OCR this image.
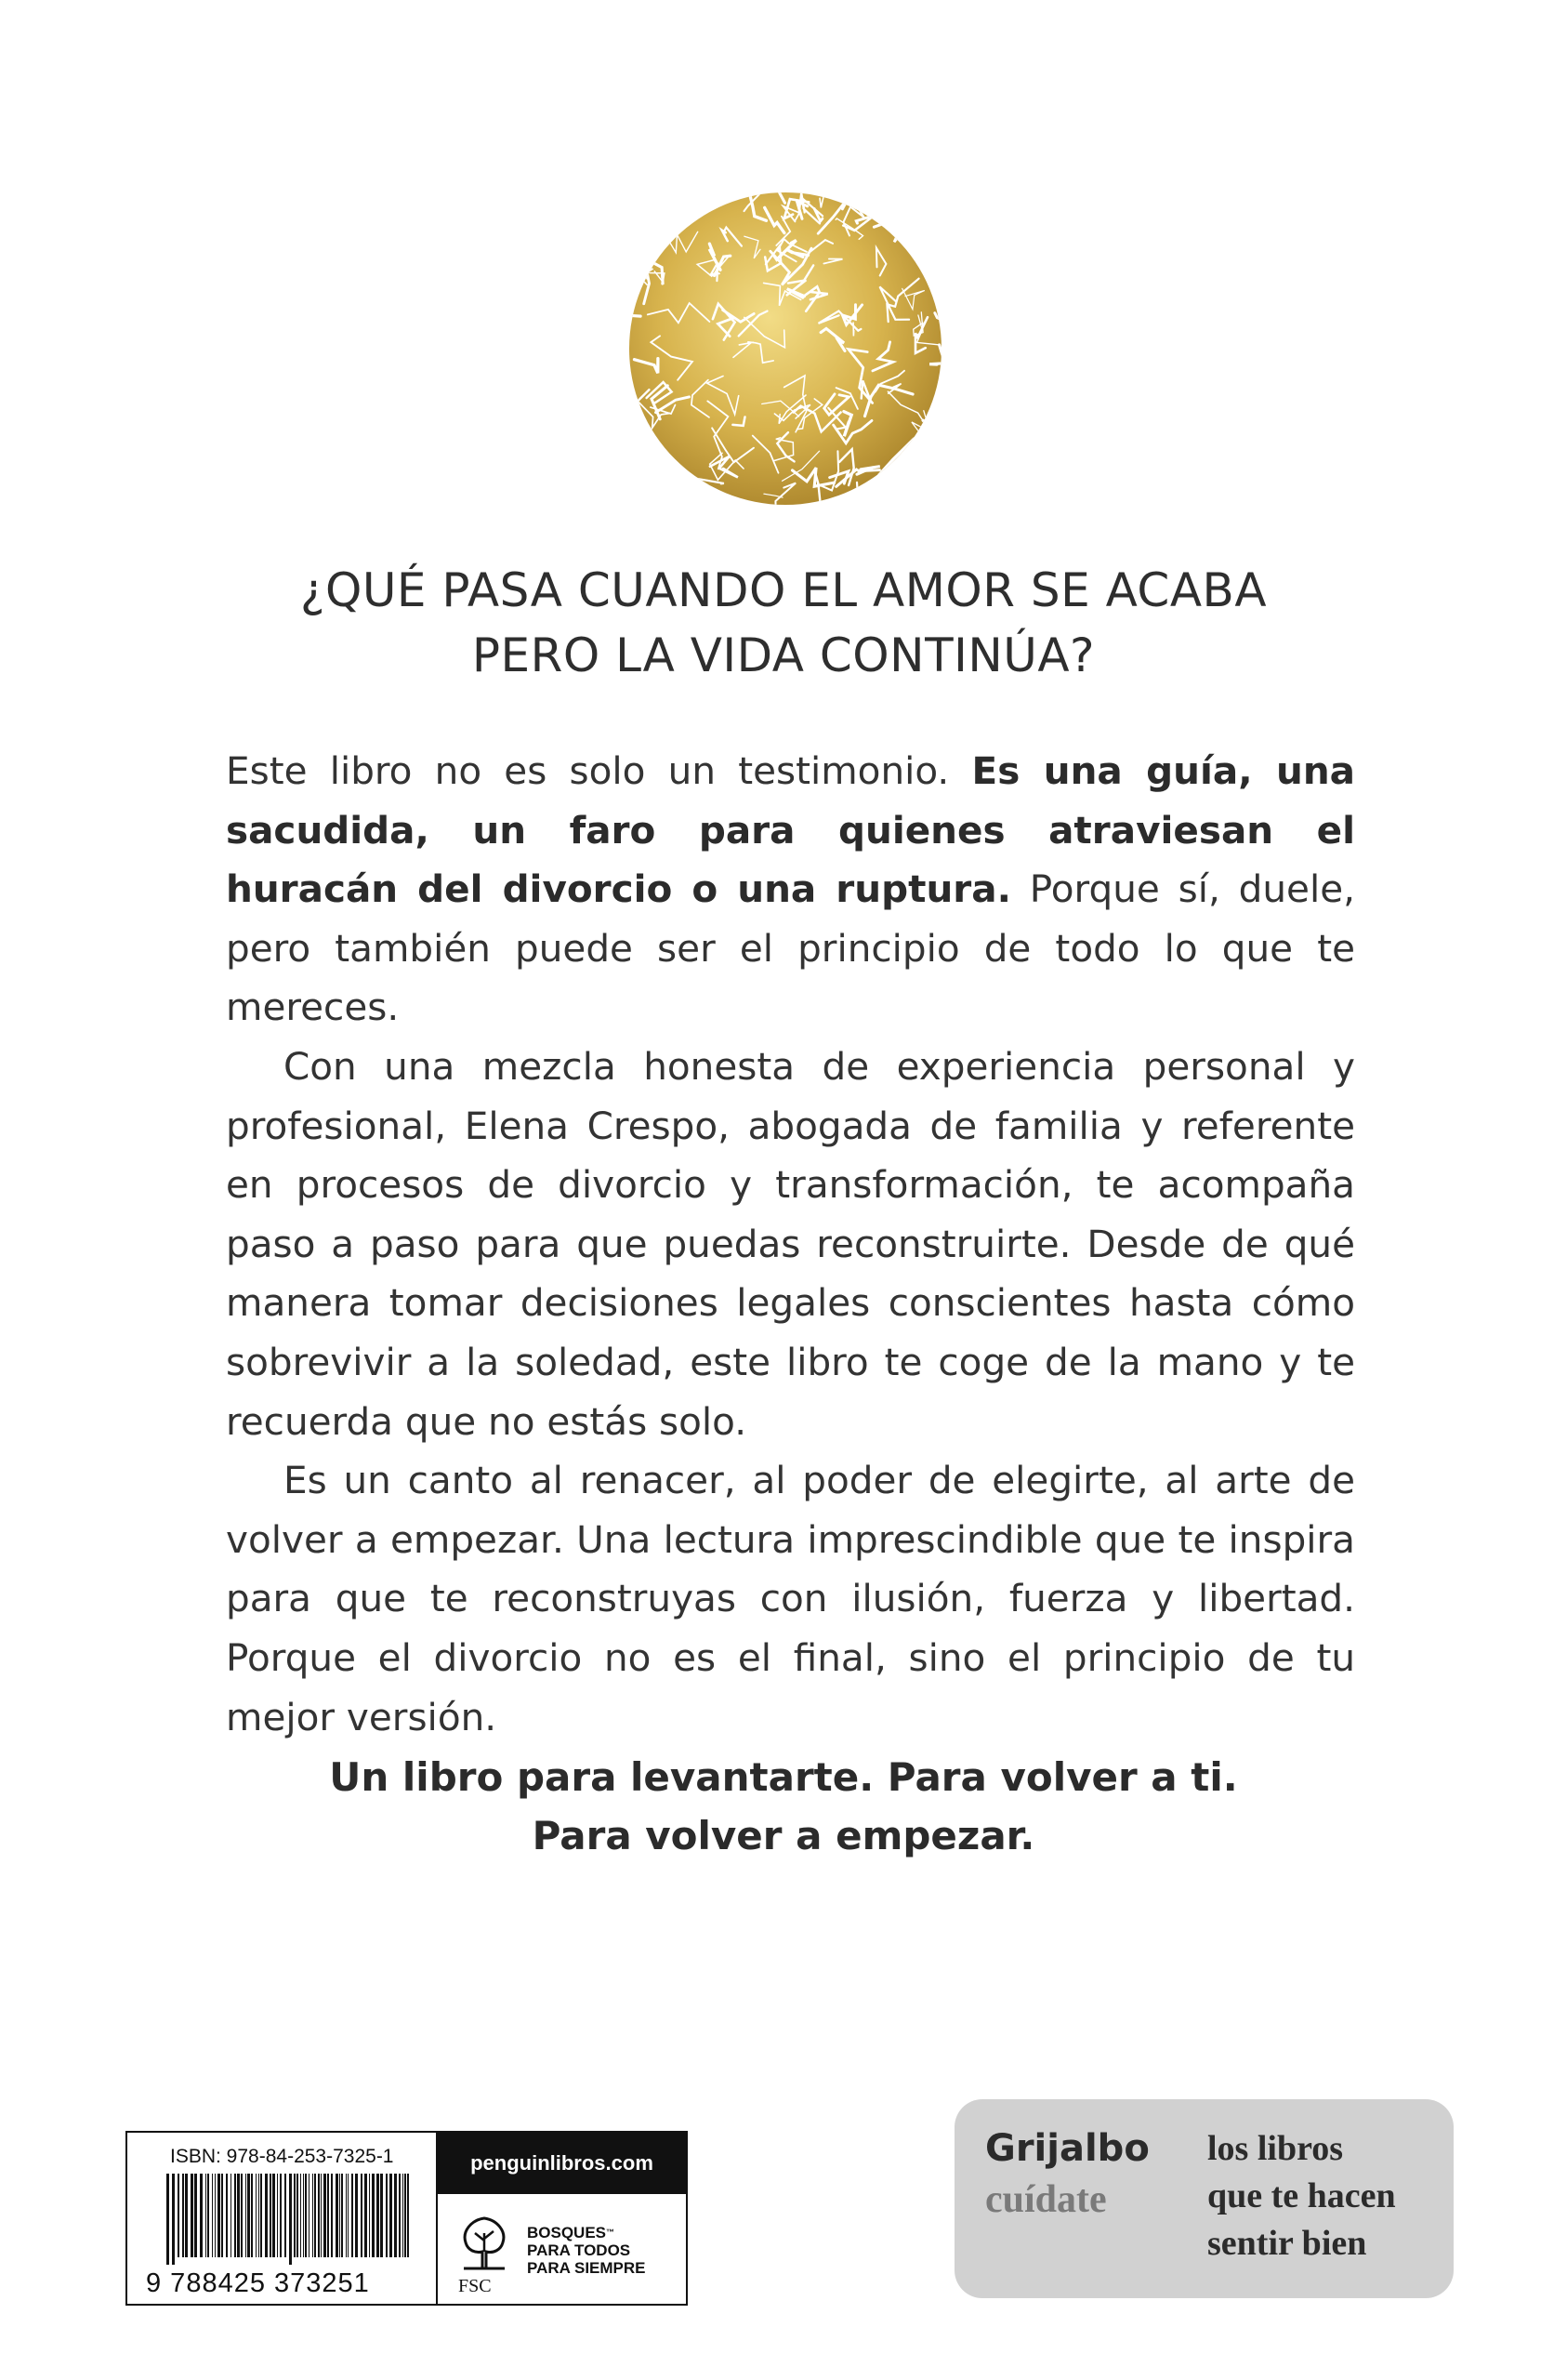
¿QUÉ PASA CUANDO EL AMOR SE ACABA
PERO LA VIDA CONTINÚA?

Este libro no es solo un testimonio. Es una guía, una sacudida, un faro para quienes atraviesan el huracán del divorcio o una ruptura. Porque sí, duele, pero también puede ser el principio de todo lo que te mereces.

Con una mezcla honesta de experiencia personal y profesional, Elena Crespo, abogada de familia y referente en procesos de divorcio y transformación, te acompaña paso a paso para que puedas reconstruirte. Desde de qué manera tomar decisiones legales conscientes hasta cómo sobrevivir a la soledad, este libro te coge de la mano y te recuerda que no estás solo.

Es un canto al renacer, al poder de elegirte, al arte de volver a empezar. Una lectura imprescindible que te inspira para que te reconstruyas con ilusión, fuerza y libertad. Porque el divorcio no es el final, sino el principio de tu mejor versión.

Un libro para levantarte. Para volver a ti.
Para volver a empezar.
ISBN: 978-84-253-7325-1
9 788425 373251
penguinlibros.com
FSC
BOSQUES™
PARA TODOS
PARA SIEMPRE
Grijalbo
cuídate
los libros
que te hacen
sentir bien
